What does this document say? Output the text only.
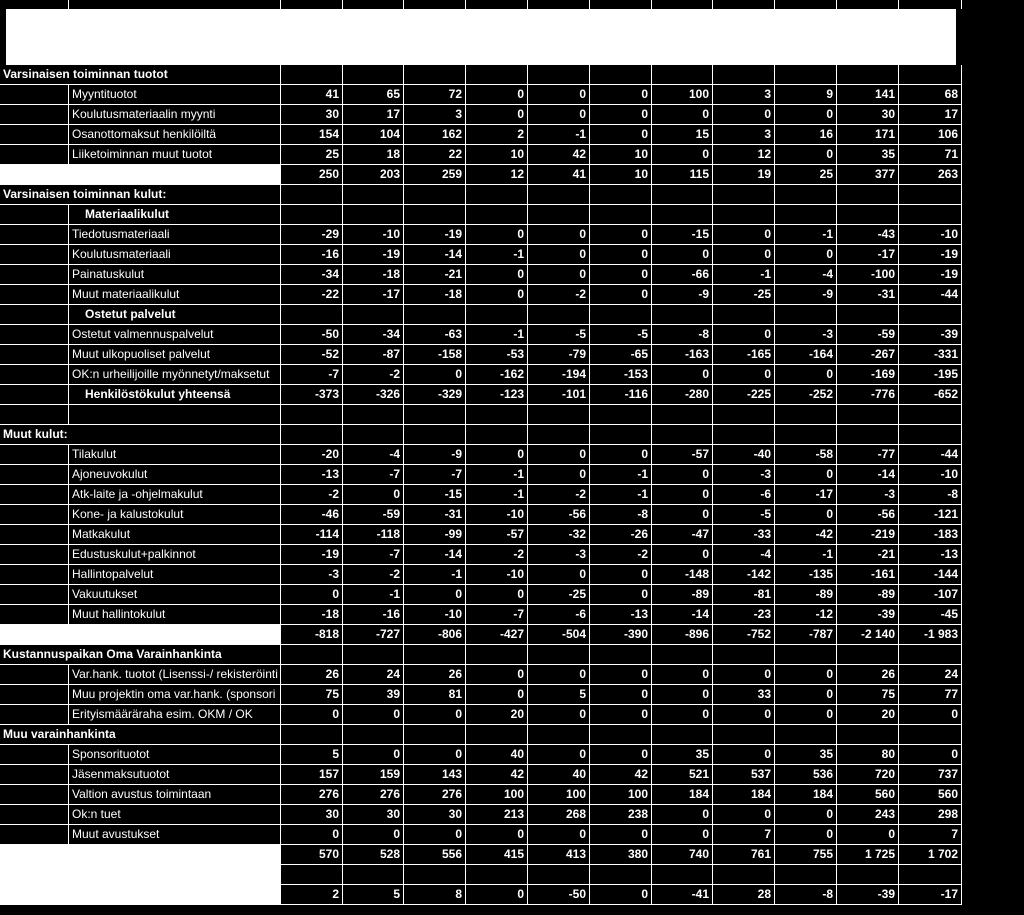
Varsinaisen toiminnan tuotot
Myyntituotot	41	65	72	0	0	0	100	3	9	141	68
Koulutusmateriaalin myynti	30	17	3	0	0	0	0	0	0	30	17
Osanottomaksut henkilöiltä	154	104	162	2	-1	0	15	3	16	171	106
Liiketoiminnan muut tuotot	25	18	22	10	42	10	0	12	0	35	71
250	203	259	12	41	10	115	19	25	377	263
Varsinaisen toiminnan kulut:
Materiaalikulut
Tiedotusmateriaali	-29	-10	-19	0	0	0	-15	0	-1	-43	-10
Koulutusmateriaali	-16	-19	-14	-1	0	0	0	0	0	-17	-19
Painatuskulut	-34	-18	-21	0	0	0	-66	-1	-4	-100	-19
Muut materiaalikulut	-22	-17	-18	0	-2	0	-9	-25	-9	-31	-44
Ostetut palvelut
Ostetut valmennuspalvelut	-50	-34	-63	-1	-5	-5	-8	0	-3	-59	-39
Muut ulkopuoliset palvelut	-52	-87	-158	-53	-79	-65	-163	-165	-164	-267	-331
OK:n urheilijoille myönnetyt/maksetut	-7	-2	0	-162	-194	-153	0	0	0	-169	-195
Henkilöstökulut yhteensä	-373	-326	-329	-123	-101	-116	-280	-225	-252	-776	-652
Muut kulut:
Tilakulut	-20	-4	-9	0	0	0	-57	-40	-58	-77	-44
Ajoneuvokulut	-13	-7	-7	-1	0	-1	0	-3	0	-14	-10
Atk-laite ja -ohjelmakulut	-2	0	-15	-1	-2	-1	0	-6	-17	-3	-8
Kone- ja kalustokulut	-46	-59	-31	-10	-56	-8	0	-5	0	-56	-121
Matkakulut	-114	-118	-99	-57	-32	-26	-47	-33	-42	-219	-183
Edustuskulut+palkinnot	-19	-7	-14	-2	-3	-2	0	-4	-1	-21	-13
Hallintopalvelut	-3	-2	-1	-10	0	0	-148	-142	-135	-161	-144
Vakuutukset	0	-1	0	0	-25	0	-89	-81	-89	-89	-107
Muut hallintokulut	-18	-16	-10	-7	-6	-13	-14	-23	-12	-39	-45
-818	-727	-806	-427	-504	-390	-896	-752	-787	-2 140	-1 983
Kustannuspaikan Oma Varainhankinta
Var.hank. tuotot (Lisenssi-/ rekisteröinti	26	24	26	0	0	0	0	0	0	26	24
Muu projektin oma var.hank. (sponsori	75	39	81	0	5	0	0	33	0	75	77
Erityismääräraha esim. OKM / OK	0	0	0	20	0	0	0	0	0	20	0
Muu varainhankinta
Sponsorituotot	5	0	0	40	0	0	35	0	35	80	0
Jäsenmaksutuotot	157	159	143	42	40	42	521	537	536	720	737
Valtion avustus toimintaan	276	276	276	100	100	100	184	184	184	560	560
Ok:n tuet	30	30	30	213	268	238	0	0	0	243	298
Muut avustukset	0	0	0	0	0	0	0	7	0	0	7
570	528	556	415	413	380	740	761	755	1 725	1 702
2	5	8	0	-50	0	-41	28	-8	-39	-17
